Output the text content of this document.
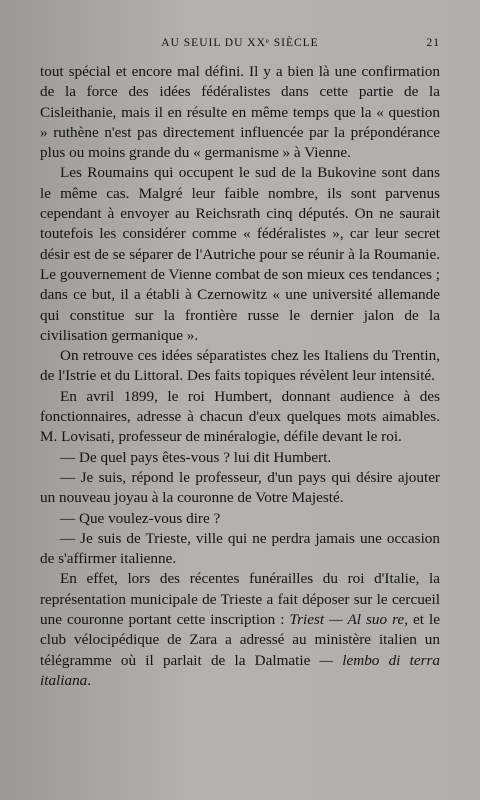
AU SEUIL DU XXᵉ SIÈCLE	21

tout spécial et encore mal défini. Il y a bien là une confirmation de la force des idées fédéralistes dans cette partie de la Cisleithanie, mais il en résulte en même temps que la « question » ruthène n'est pas directement influencée par la prépondérance plus ou moins grande du « germanisme » à Vienne.

Les Roumains qui occupent le sud de la Bukovine sont dans le même cas. Malgré leur faible nombre, ils sont parvenus cependant à envoyer au Reichsrath cinq députés. On ne saurait toutefois les considérer comme « fédéralistes », car leur secret désir est de se séparer de l'Autriche pour se réunir à la Roumanie. Le gouvernement de Vienne combat de son mieux ces tendances ; dans ce but, il a établi à Czernowitz « une université allemande qui constitue sur la frontière russe le dernier jalon de la civilisation germanique ».

On retrouve ces idées séparatistes chez les Italiens du Trentin, de l'Istrie et du Littoral. Des faits topiques révèlent leur intensité.

En avril 1899, le roi Humbert, donnant audience à des fonctionnaires, adresse à chacun d'eux quelques mots aimables. M. Lovisati, professeur de minéralogie, défile devant le roi.

— De quel pays êtes-vous ? lui dit Humbert.

— Je suis, répond le professeur, d'un pays qui désire ajouter un nouveau joyau à la couronne de Votre Majesté.

— Que voulez-vous dire ?

— Je suis de Trieste, ville qui ne perdra jamais une occasion de s'affirmer italienne.

En effet, lors des récentes funérailles du roi d'Italie, la représentation municipale de Trieste a fait déposer sur le cercueil une couronne portant cette inscription : Triest — Al suo re, et le club vélocipédique de Zara a adressé au ministère italien un télégramme où il parlait de la Dalmatie — lembo di terra italiana.
